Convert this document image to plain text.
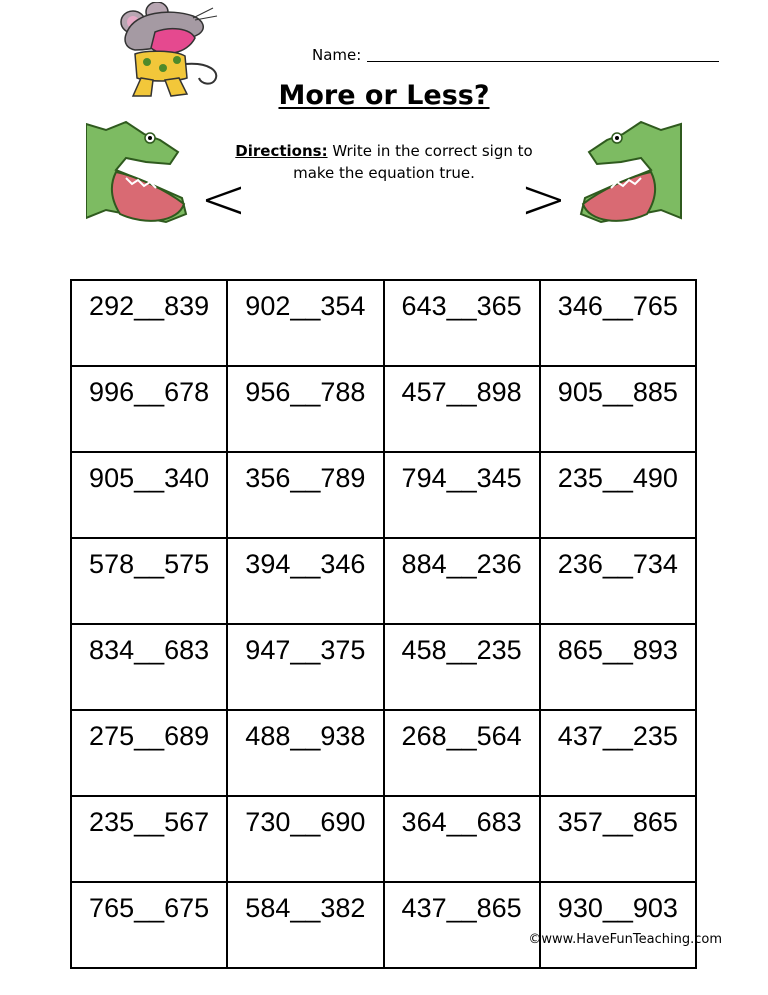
Name:
More or Less?
Directions: Write in the correct sign to
make the equation true.
<	>
292__839	902__354	643__365	346__765
996__678	956__788	457__898	905__885
905__340	356__789	794__345	235__490
578__575	394__346	884__236	236__734
834__683	947__375	458__235	865__893
275__689	488__938	268__564	437__235
235__567	730__690	364__683	357__865
765__675	584__382	437__865	930__903
©www.HaveFunTeaching.com
